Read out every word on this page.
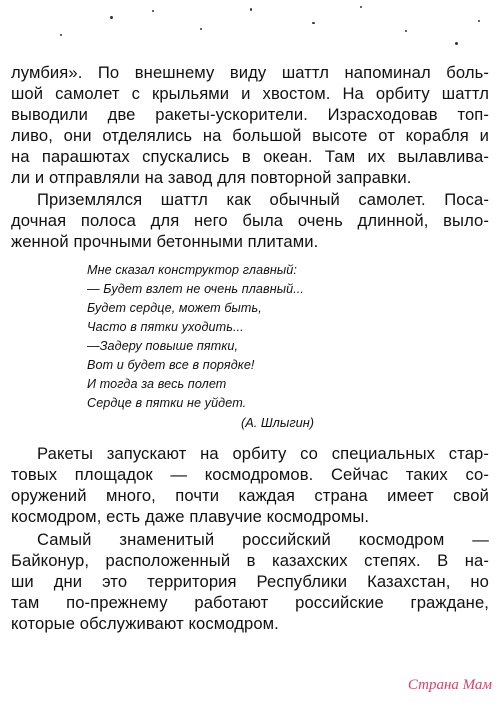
лумбия». По внешнему виду шаттл напоминал боль-
шой самолет с крыльями и хвостом. На орбиту шаттл
выводили две ракеты-ускорители. Израсходовав топ-
ливо, они отделялись на большой высоте от корабля и
на парашютах спускались в океан. Там их вылавлива-
ли и отправляли на завод для повторной заправки.
Приземлялся шаттл как обычный самолет. Поса-
дочная полоса для него была очень длинной, выло-
женной прочными бетонными плитами.
Мне сказал конструктор главный:
— Будет взлет не очень плавный...
Будет сердце, может быть,
Часто в пятки уходить...
—Задеру повыше пятки,
Вот и будет все в порядке!
И тогда за весь полет
Сердце в пятки не уйдет.
(А. Шлыгин)
Ракеты запускают на орбиту со специальных стар-
товых площадок — космодромов. Сейчас таких со-
оружений много, почти каждая страна имеет свой
космодром, есть даже плавучие космодромы.
Самый знаменитый российский космодром —
Байконур, расположенный в казахских степях. В на-
ши дни это территория Республики Казахстан, но
там по-прежнему работают российские граждане,
которые обслуживают космодром.
Страна Мам
